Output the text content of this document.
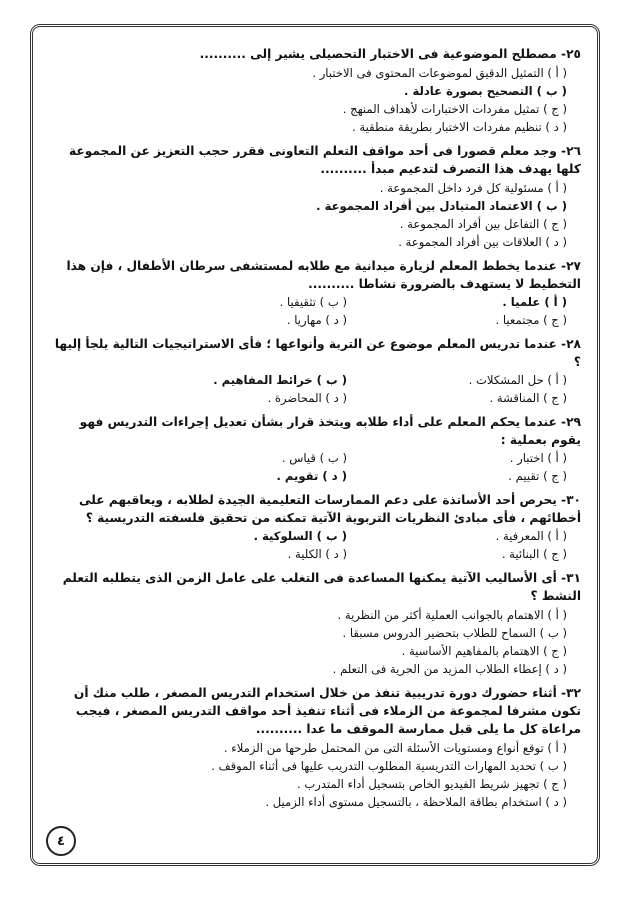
٢٥- مصطلح الموضوعية فى الاختبار التحصيلى يشير إلى ..........

( أ ) التمثيل الدقيق لموضوعات المحتوى فى الاختبار .

( ب ) التصحيح بصورة عادلة .

( ج ) تمثيل مفردات الاختبارات لأهداف المنهج .

( د ) تنظيم مفردات الاختبار بطريقة منطقية .

٢٦- وجد معلم قصورا فى أحد مواقف التعلم التعاونى فقرر حجب التعزيز عن المجموعة كلها يهدف هذا التصرف لتدعيم مبدأ ..........

( أ ) مسئولية كل فرد داخل المجموعة .

( ب ) الاعتماد المتبادل بين أفراد المجموعة .

( ج ) التفاعل بين أفراد المجموعة .

( د ) العلاقات بين أفراد المجموعة .

٢٧- عندما يخطط المعلم لزيارة ميدانية مع طلابه لمستشفى سرطان الأطفال ، فإن هذا التخطيط لا يستهدف بالضرورة نشاطا ..........

( أ ) علميا .

( ب ) تثقيفيا .

( ج ) مجتمعيا .

( د ) مهاريا .

٢٨- عندما تدريس المعلم موضوع عن التربة وأنواعها ؛ فأى الاستراتيجيات التالية يلجأ إليها ؟

( أ ) حل المشكلات .

( ب ) خرائط المفاهيم .

( ج ) المناقشة .

( د ) المحاضرة .

٢٩- عندما يحكم المعلم على أداء طلابه ويتخذ قرار بشأن تعديل إجراءات التدريس فهو يقوم بعملية :

( أ ) اختبار .

( ب ) قياس .

( ج ) تقييم .

( د ) تقويم .

٣٠- يحرص أحد الأساتذة على دعم الممارسات التعليمية الجيدة لطلابه ، ويعاقبهم على أخطائهم ، فأى مبادئ النظريات التربوية الآتية تمكنه من تحقيق فلسفته التدريسية ؟

( أ ) المعرفية .

( ب ) السلوكية .

( ج ) البنائية .

( د ) الكلية .

٣١- أى الأساليب الآتية يمكنها المساعدة فى التغلب على عامل الزمن الذى يتطلبه التعلم النشط ؟

( أ ) الاهتمام بالجوانب العملية أكثر من النظرية .

( ب ) السماح للطلاب بتحضير الدروس مسبقا .

( ج ) الاهتمام بالمفاهيم الأساسية .

( د ) إعطاء الطلاب المزيد من الحرية فى التعلم .

٣٢- أثناء حضورك دورة تدريبية تنفذ من خلال استخدام التدريس المصغر ، طلب منك أن تكون مشرفا لمجموعة من الزملاء فى أثناء تنفيذ أحد مواقف التدريس المصغر ، فيجب مراعاة كل ما يلى قبل ممارسة الموقف ما عدا ..........

( أ ) توقع أنواع ومستويات الأسئلة التى من المحتمل طرحها من الزملاء .

( ب ) تحديد المهارات التدريسية المطلوب التدريب عليها فى أثناء الموقف .

( ج ) تجهيز شريط الفيديو الخاص بتسجيل أداء المتدرب .

( د ) استخدام بطاقة الملاحظة ، بالتسجيل مستوى أداء الزميل .

٤
